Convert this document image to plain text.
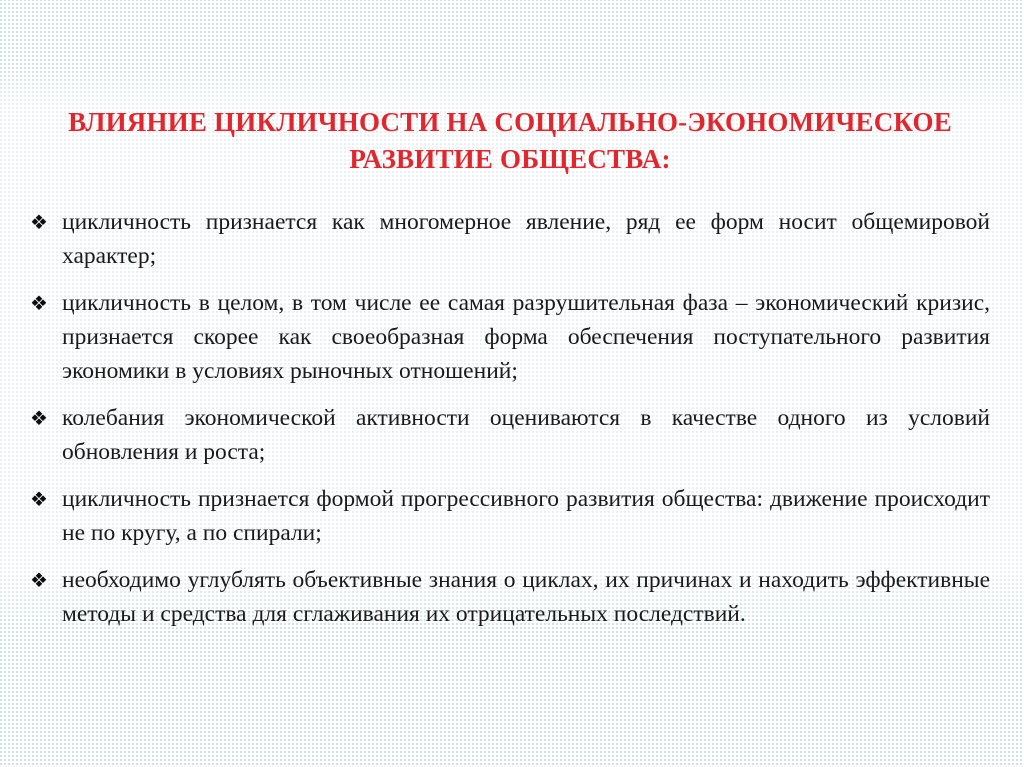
ВЛИЯНИЕ ЦИКЛИЧНОСТИ НА СОЦИАЛЬНО-ЭКОНОМИЧЕСКОЕ
РАЗВИТИЕ ОБЩЕСТВА:
❖ цикличность признается как многомерное явление, ряд ее форм носит общемировой характер;
❖ цикличность в целом, в том числе ее самая разрушительная фаза – экономический кризис, признается скорее как своеобразная форма обеспечения поступательного развития экономики в условиях рыночных отношений;
❖ колебания экономической активности оцениваются в качестве одного из условий обновления и роста;
❖ цикличность признается формой прогрессивного развития общества: движение происходит не по кругу, а по спирали;
❖ необходимо углублять объективные знания о циклах, их причинах и находить эффективные методы и средства для сглаживания их отрицательных последствий.
